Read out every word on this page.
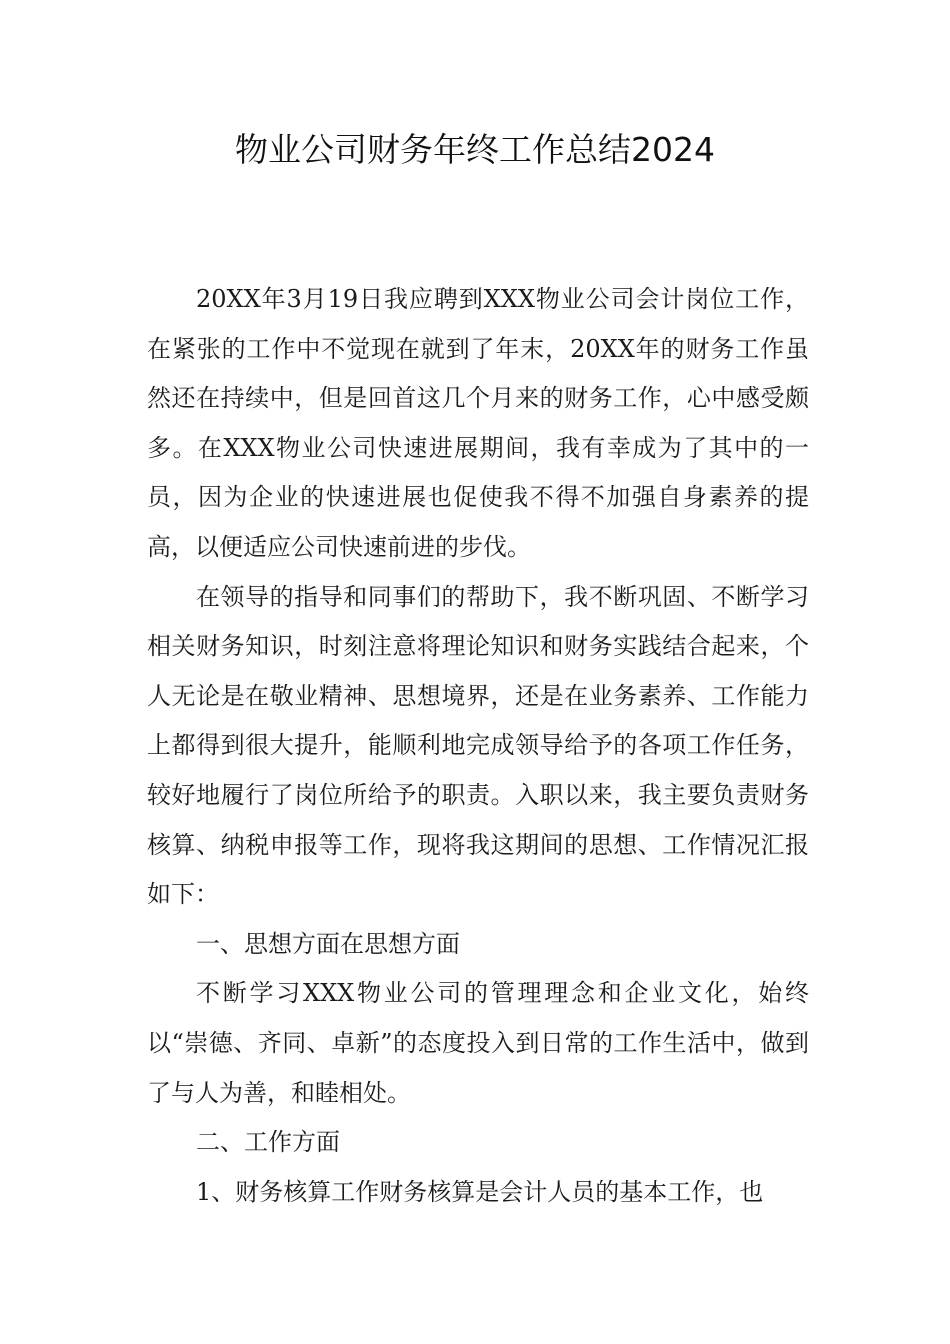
物业公司财务年终工作总结2024

20XX年3月19日我应聘到XXX物业公司会计岗位工作，在紧张的工作中不觉现在就到了年末，20XX年的财务工作虽然还在持续中，但是回首这几个月来的财务工作，心中感受颇多。在XXX物业公司快速进展期间，我有幸成为了其中的一员，因为企业的快速进展也促使我不得不加强自身素养的提高，以便适应公司快速前进的步伐。

在领导的指导和同事们的帮助下，我不断巩固、不断学习相关财务知识，时刻注意将理论知识和财务实践结合起来，个人无论是在敬业精神、思想境界，还是在业务素养、工作能力上都得到很大提升，能顺利地完成领导给予的各项工作任务，较好地履行了岗位所给予的职责。入职以来，我主要负责财务核算、纳税申报等工作，现将我这期间的思想、工作情况汇报如下：

一、思想方面在思想方面

不断学习XXX物业公司的管理理念和企业文化，始终以“崇德、齐同、卓新”的态度投入到日常的工作生活中，做到了与人为善，和睦相处。

二、工作方面

1、财务核算工作财务核算是会计人员的基本工作，也
